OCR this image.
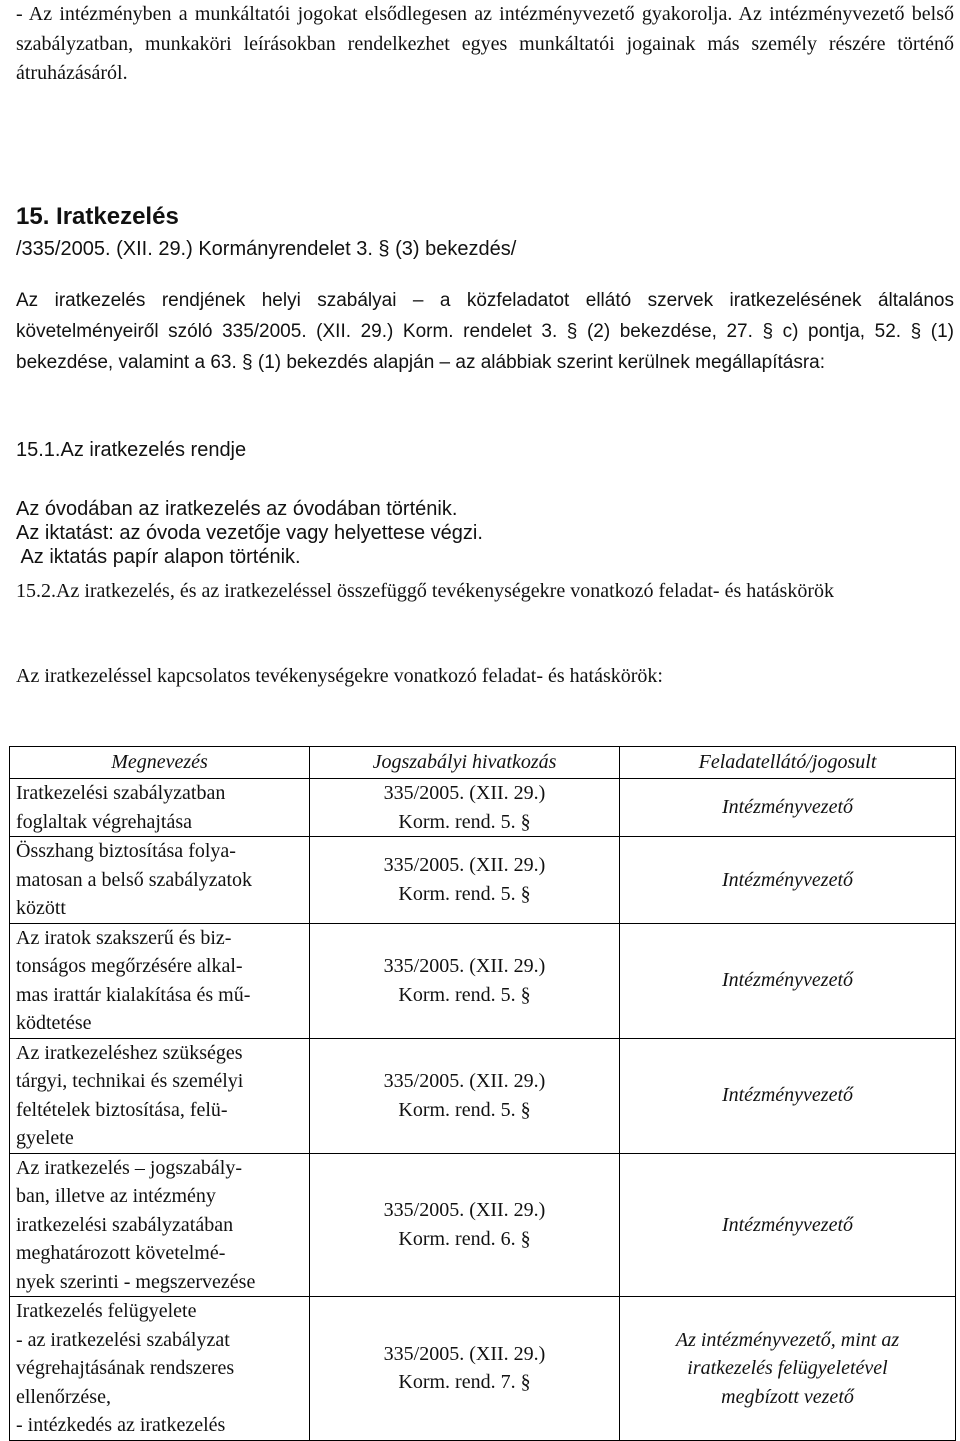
- Az intézményben a munkáltatói jogokat elsődlegesen az intézményvezető gyakorolja. Az intézményvezető belső szabályzatban, munkaköri leírásokban rendelkezhet egyes munkáltatói jogainak más személy részére történő átruházásáról.

15. Iratkezelés

/335/2005. (XII. 29.) Kormányrendelet 3. § (3) bekezdés/

Az iratkezelés rendjének helyi szabályai – a közfeladatot ellátó szervek iratkezelésének általános követelményeiről szóló 335/2005. (XII. 29.) Korm. rendelet 3. § (2) bekezdése, 27. § c) pontja, 52. § (1) bekezdése, valamint a 63. § (1) bekezdés alapján – az alábbiak szerint kerülnek megállapításra:

15.1.Az iratkezelés rendje

Az óvodában az iratkezelés az óvodában történik.

Az iktatást: az óvoda vezetője vagy helyettese végzi.

Az iktatás papír alapon történik.

15.2.Az iratkezelés, és az iratkezeléssel összefüggő tevékenységekre vonatkozó feladat- és hatáskörök

Az iratkezeléssel kapcsolatos tevékenységekre vonatkozó feladat- és hatáskörök:

Megnevezés	Jogszabályi hivatkozás	Feladatellátó/jogosult
Iratkezelési szabályzatban
foglaltak végrehajtása	335/2005. (XII. 29.)
Korm. rend. 5. §	Intézményvezető
Összhang biztosítása folya-
matosan a belső szabályzatok
között	335/2005. (XII. 29.)
Korm. rend. 5. §	Intézményvezető
Az iratok szakszerű és biz-
tonságos megőrzésére alkal-
mas irattár kialakítása és mű-
ködtetése	335/2005. (XII. 29.)
Korm. rend. 5. §	Intézményvezető
Az iratkezeléshez szükséges
tárgyi, technikai és személyi
feltételek biztosítása, felü-
gyelete	335/2005. (XII. 29.)
Korm. rend. 5. §	Intézményvezető
Az iratkezelés – jogszabály-
ban, illetve az intézmény
iratkezelési szabályzatában
meghatározott követelmé-
nyek szerinti - megszervezése	335/2005. (XII. 29.)
Korm. rend. 6. §	Intézményvezető
Iratkezelés felügyelete
- az iratkezelési szabályzat
végrehajtásának rendszeres
ellenőrzése,
- intézkedés az iratkezelés	335/2005. (XII. 29.)
Korm. rend. 7. §	Az intézményvezető, mint az
iratkezelés felügyeletével
megbízott vezető
